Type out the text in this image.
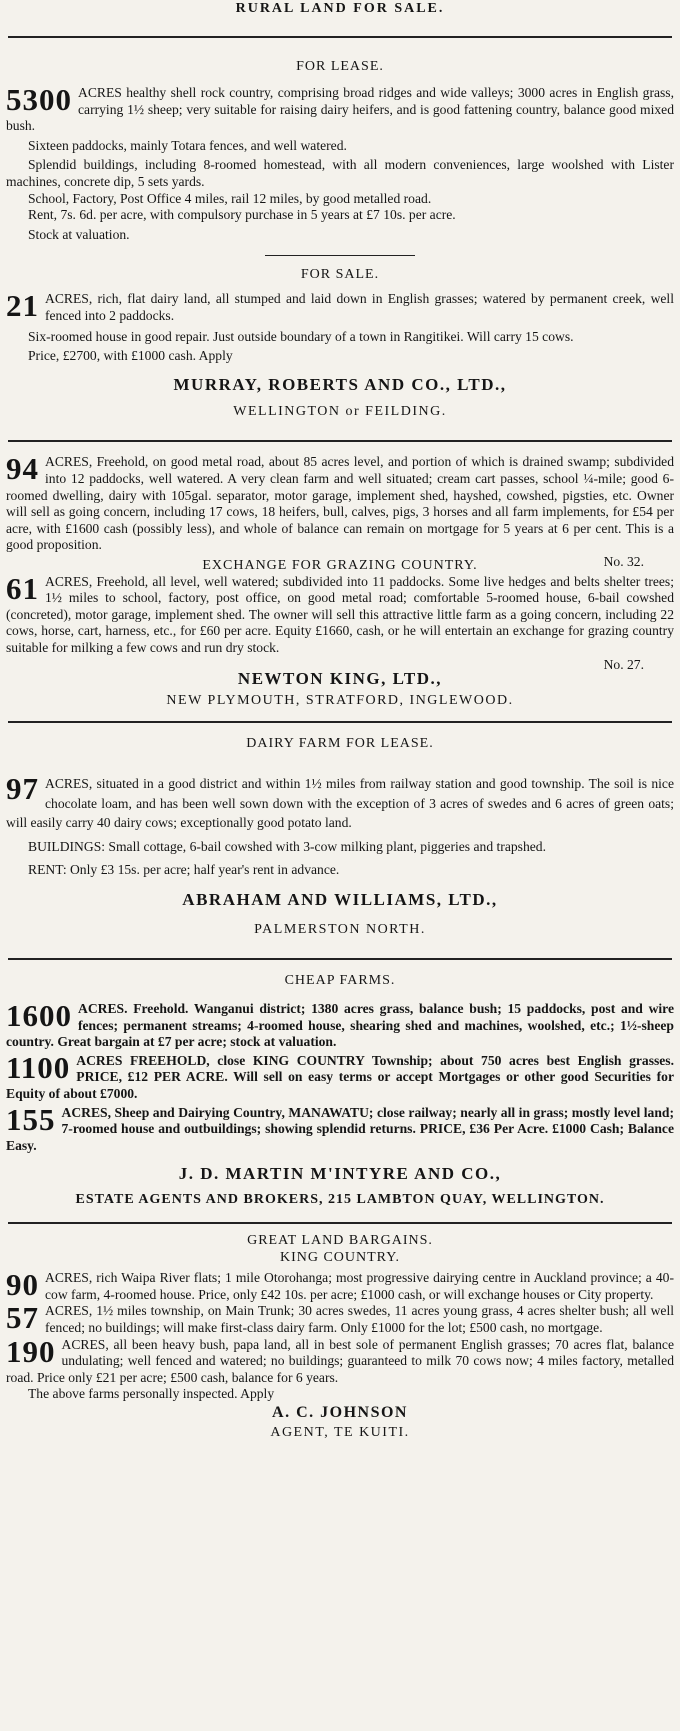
RURAL LAND FOR SALE.
FOR LEASE.
5300 ACRES healthy shell rock country, comprising broad ridges and wide valleys; 3000 acres in English grass, carrying 1½ sheep; very suitable for raising dairy heifers, and is good fattening country, balance good mixed bush.
Sixteen paddocks, mainly Totara fences, and well watered.
Splendid buildings, including 8-roomed homestead, with all modern conveniences, large woolshed with Lister machines, concrete dip, 5 sets yards.
School, Factory, Post Office 4 miles, rail 12 miles, by good metalled road.
Rent, 7s. 6d. per acre, with compulsory purchase in 5 years at £7 10s. per acre.
Stock at valuation.
FOR SALE.
21 ACRES, rich, flat dairy land, all stumped and laid down in English grasses; watered by permanent creek, well fenced into 2 paddocks.
Six-roomed house in good repair. Just outside boundary of a town in Rangitikei. Will carry 15 cows.
Price, £2700, with £1000 cash. Apply
MURRAY, ROBERTS AND CO., LTD.,
WELLINGTON or FEILDING.
94 ACRES, Freehold, on good metal road, about 85 acres level, and portion of which is drained swamp; subdivided into 12 paddocks, well watered. A very clean farm and well situated; cream cart passes, school ¼-mile; good 6-roomed dwelling, dairy with 105gal. separator, motor garage, implement shed, hayshed, cowshed, pigsties, etc. Owner will sell as going concern, including 17 cows, 18 heifers, bull, calves, pigs, 3 horses and all farm implements, for £54 per acre, with £1600 cash (possibly less), and whole of balance can remain on mortgage for 5 years at 6 per cent. This is a good proposition.
No. 32.
EXCHANGE FOR GRAZING COUNTRY.
61 ACRES, Freehold, all level, well watered; subdivided into 11 paddocks. Some live hedges and belts shelter trees; 1½ miles to school, factory, post office, on good metal road; comfortable 5-roomed house, 6-bail cowshed (concreted), motor garage, implement shed. The owner will sell this attractive little farm as a going concern, including 22 cows, horse, cart, harness, etc., for £60 per acre. Equity £1660, cash, or he will entertain an exchange for grazing country suitable for milking a few cows and run dry stock.
No. 27.
NEWTON KING, LTD.,
NEW PLYMOUTH, STRATFORD, INGLEWOOD.
DAIRY FARM FOR LEASE.
97 ACRES, situated in a good district and within 1½ miles from railway station and good township. The soil is nice chocolate loam, and has been well sown down with the exception of 3 acres of swedes and 6 acres of green oats; will easily carry 40 dairy cows; exceptionally good potato land.
BUILDINGS: Small cottage, 6-bail cowshed with 3-cow milking plant, piggeries and trapshed.
RENT: Only £3 15s. per acre; half year's rent in advance.
ABRAHAM AND WILLIAMS, LTD.,
PALMERSTON NORTH.
CHEAP FARMS.
1600 ACRES. Freehold. Wanganui district; 1380 acres grass, balance bush; 15 paddocks, post and wire fences; permanent streams; 4-roomed house, shearing shed and machines, woolshed, etc.; 1½-sheep country. Great bargain at £7 per acre; stock at valuation.
1100 ACRES FREEHOLD, close KING COUNTRY Township; about 750 acres best English grasses. PRICE, £12 PER ACRE. Will sell on easy terms or accept Mortgages or other good Securities for Equity of about £7000.
155 ACRES, Sheep and Dairying Country, MANAWATU; close railway; nearly all in grass; mostly level land; 7-roomed house and outbuildings; showing splendid returns. PRICE, £36 Per Acre. £1000 Cash; Balance Easy.
J. D. MARTIN M'INTYRE AND CO.,
ESTATE AGENTS AND BROKERS, 215 LAMBTON QUAY, WELLINGTON.
GREAT LAND BARGAINS.
KING COUNTRY.
90 ACRES, rich Waipa River flats; 1 mile Otorohanga; most progressive dairying centre in Auckland province; a 40-cow farm, 4-roomed house. Price, only £42 10s. per acre; £1000 cash, or will exchange houses or City property.
57 ACRES, 1½ miles township, on Main Trunk; 30 acres swedes, 11 acres young grass, 4 acres shelter bush; all well fenced; no buildings; will make first-class dairy farm. Only £1000 for the lot; £500 cash, no mortgage.
190 ACRES, all been heavy bush, papa land, all in best sole of permanent English grasses; 70 acres flat, balance undulating; well fenced and watered; no buildings; guaranteed to milk 70 cows now; 4 miles factory, metalled road. Price only £21 per acre; £500 cash, balance for 6 years.
The above farms personally inspected. Apply
A. C. JOHNSON
AGENT, TE KUITI.
